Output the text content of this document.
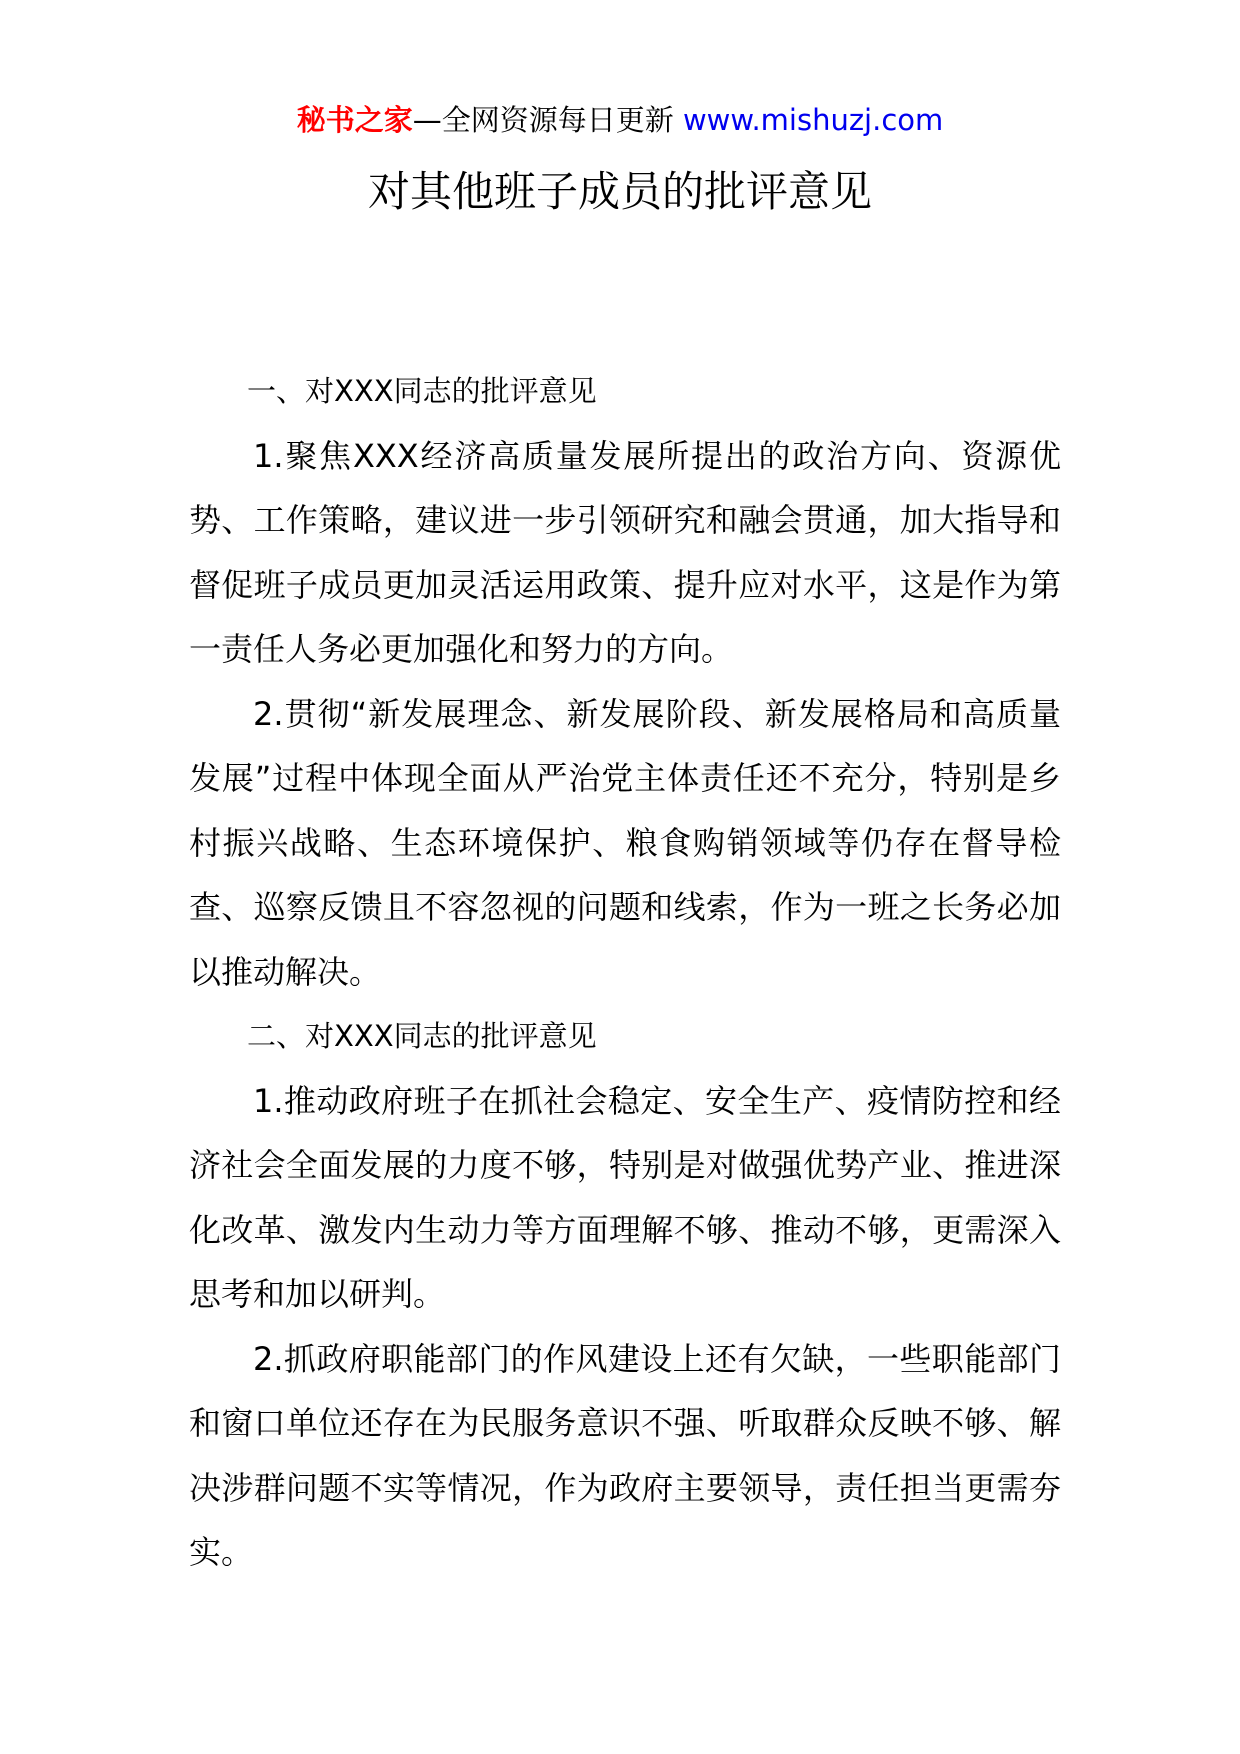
秘书之家—全网资源每日更新 www.mishuzj.com
对其他班子成员的批评意见

一、对XXX同志的批评意见

1.聚焦XXX经济高质量发展所提出的政治方向、资源优势、工作策略，建议进一步引领研究和融会贯通，加大指导和督促班子成员更加灵活运用政策、提升应对水平，这是作为第一责任人务必更加强化和努力的方向。

2.贯彻“新发展理念、新发展阶段、新发展格局和高质量发展”过程中体现全面从严治党主体责任还不充分，特别是乡村振兴战略、生态环境保护、粮食购销领域等仍存在督导检查、巡察反馈且不容忽视的问题和线索，作为一班之长务必加以推动解决。

二、对XXX同志的批评意见

1.推动政府班子在抓社会稳定、安全生产、疫情防控和经济社会全面发展的力度不够，特别是对做强优势产业、推进深化改革、激发内生动力等方面理解不够、推动不够，更需深入思考和加以研判。

2.抓政府职能部门的作风建设上还有欠缺，一些职能部门和窗口单位还存在为民服务意识不强、听取群众反映不够、解决涉群问题不实等情况，作为政府主要领导，责任担当更需夯实。
